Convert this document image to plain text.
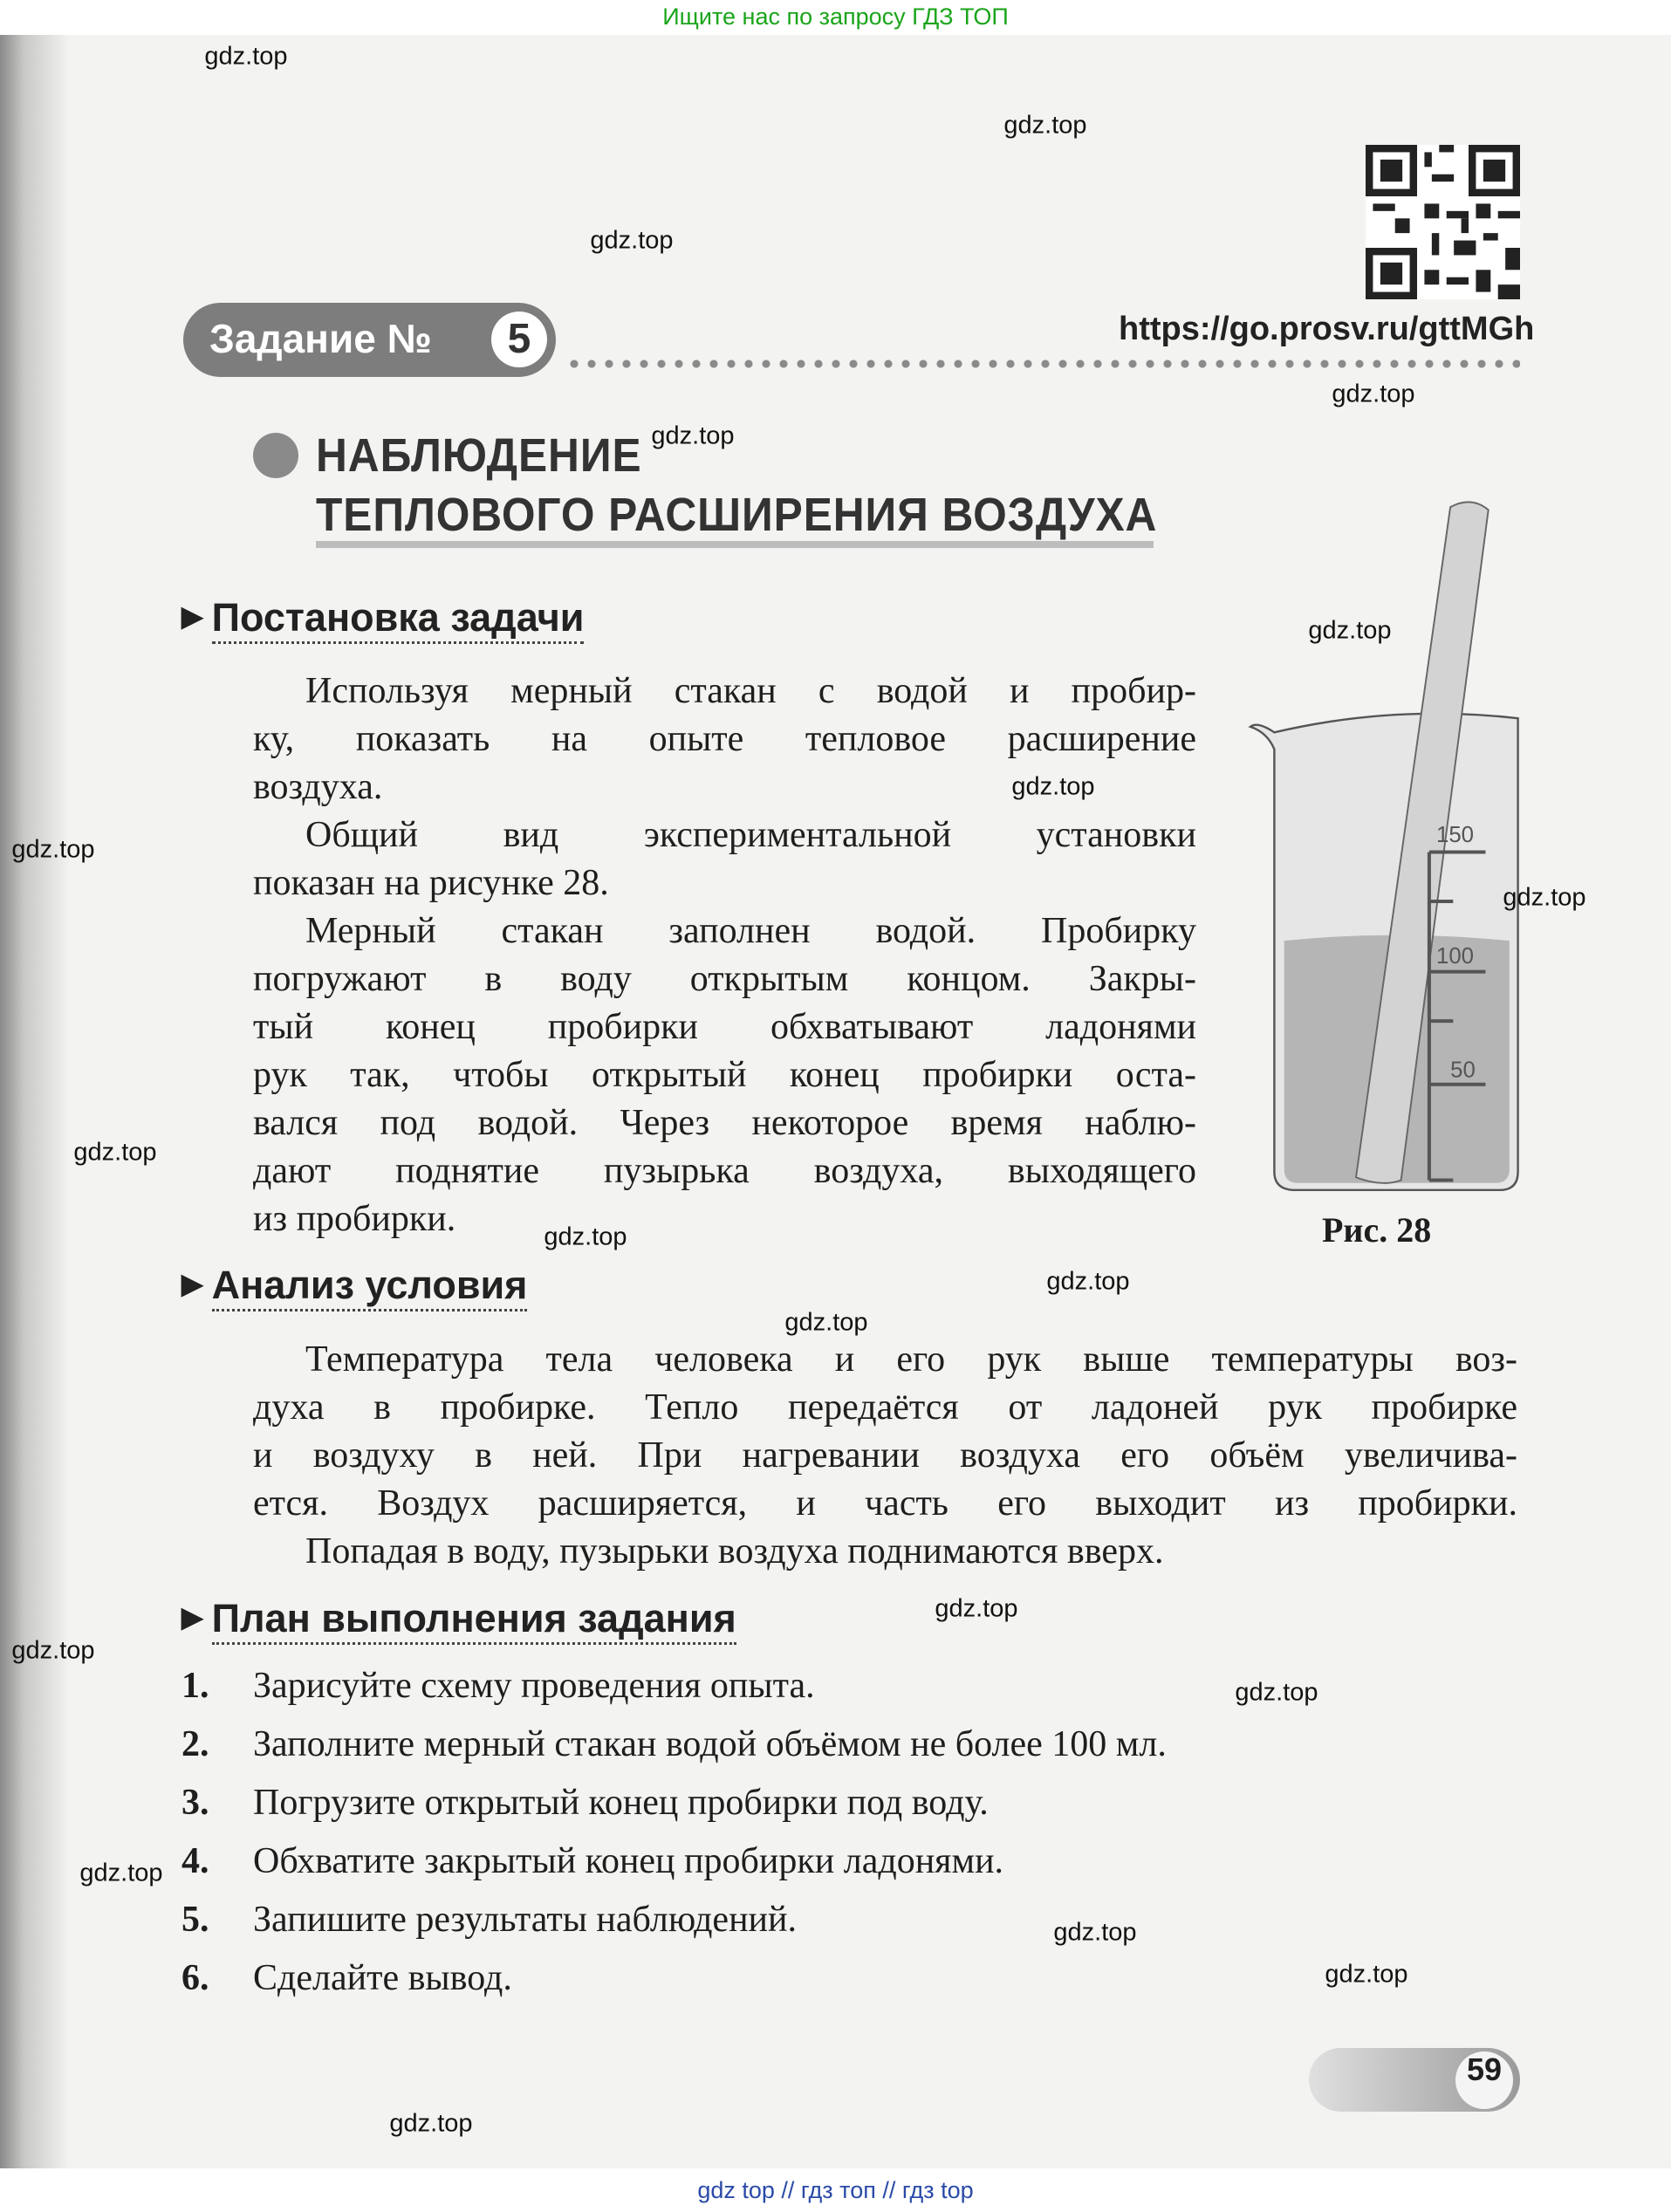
Ищите нас по запросу ГДЗ ТОП
Задание №	5	https://go.prosv.ru/gttMGh
НАБЛЮДЕНИЕ
ТЕПЛОВОГО РАСШИРЕНИЯ ВОЗДУХА
▶ Постановка задачи
Используя мерный стакан с водой и пробир-
ку, показать на опыте тепловое расширение
воздуха.
Общий вид экспериментальной установки
показан на рисунке 28.
Мерный стакан заполнен водой. Пробирку
погружают в воду открытым концом. Закры-
тый конец пробирки обхватывают ладонями
рук так, чтобы открытый конец пробирки оста-
вался под водой. Через некоторое время наблю-
дают поднятие пузырька воздуха, выходящего
из пробирки.
150
100
50
Рис. 28
▶ Анализ условия
Температура тела человека и его рук выше температуры воз-
духа в пробирке. Тепло передаётся от ладоней рук пробирке
и воздуху в ней. При нагревании воздуха его объём увеличива-
ется. Воздух расширяется, и часть его выходит из пробирки.
Попадая в воду, пузырьки воздуха поднимаются вверх.
▶ План выполнения задания
1. Зарисуйте схему проведения опыта.
2. Заполните мерный стакан водой объёмом не более 100 мл.
3. Погрузите открытый конец пробирки под воду.
4. Обхватите закрытый конец пробирки ладонями.
5. Запишите результаты наблюдений.
6. Сделайте вывод.
59
gdz.top
gdz.top
gdz.top
gdz.top
gdz.top
gdz.top
gdz.top
gdz.top
gdz.top
gdz.top
gdz.top
gdz.top
gdz.top
gdz.top
gdz.top
gdz.top
gdz.top
gdz.top
gdz.top
gdz.top
gdz top // гдз топ // гдз top
